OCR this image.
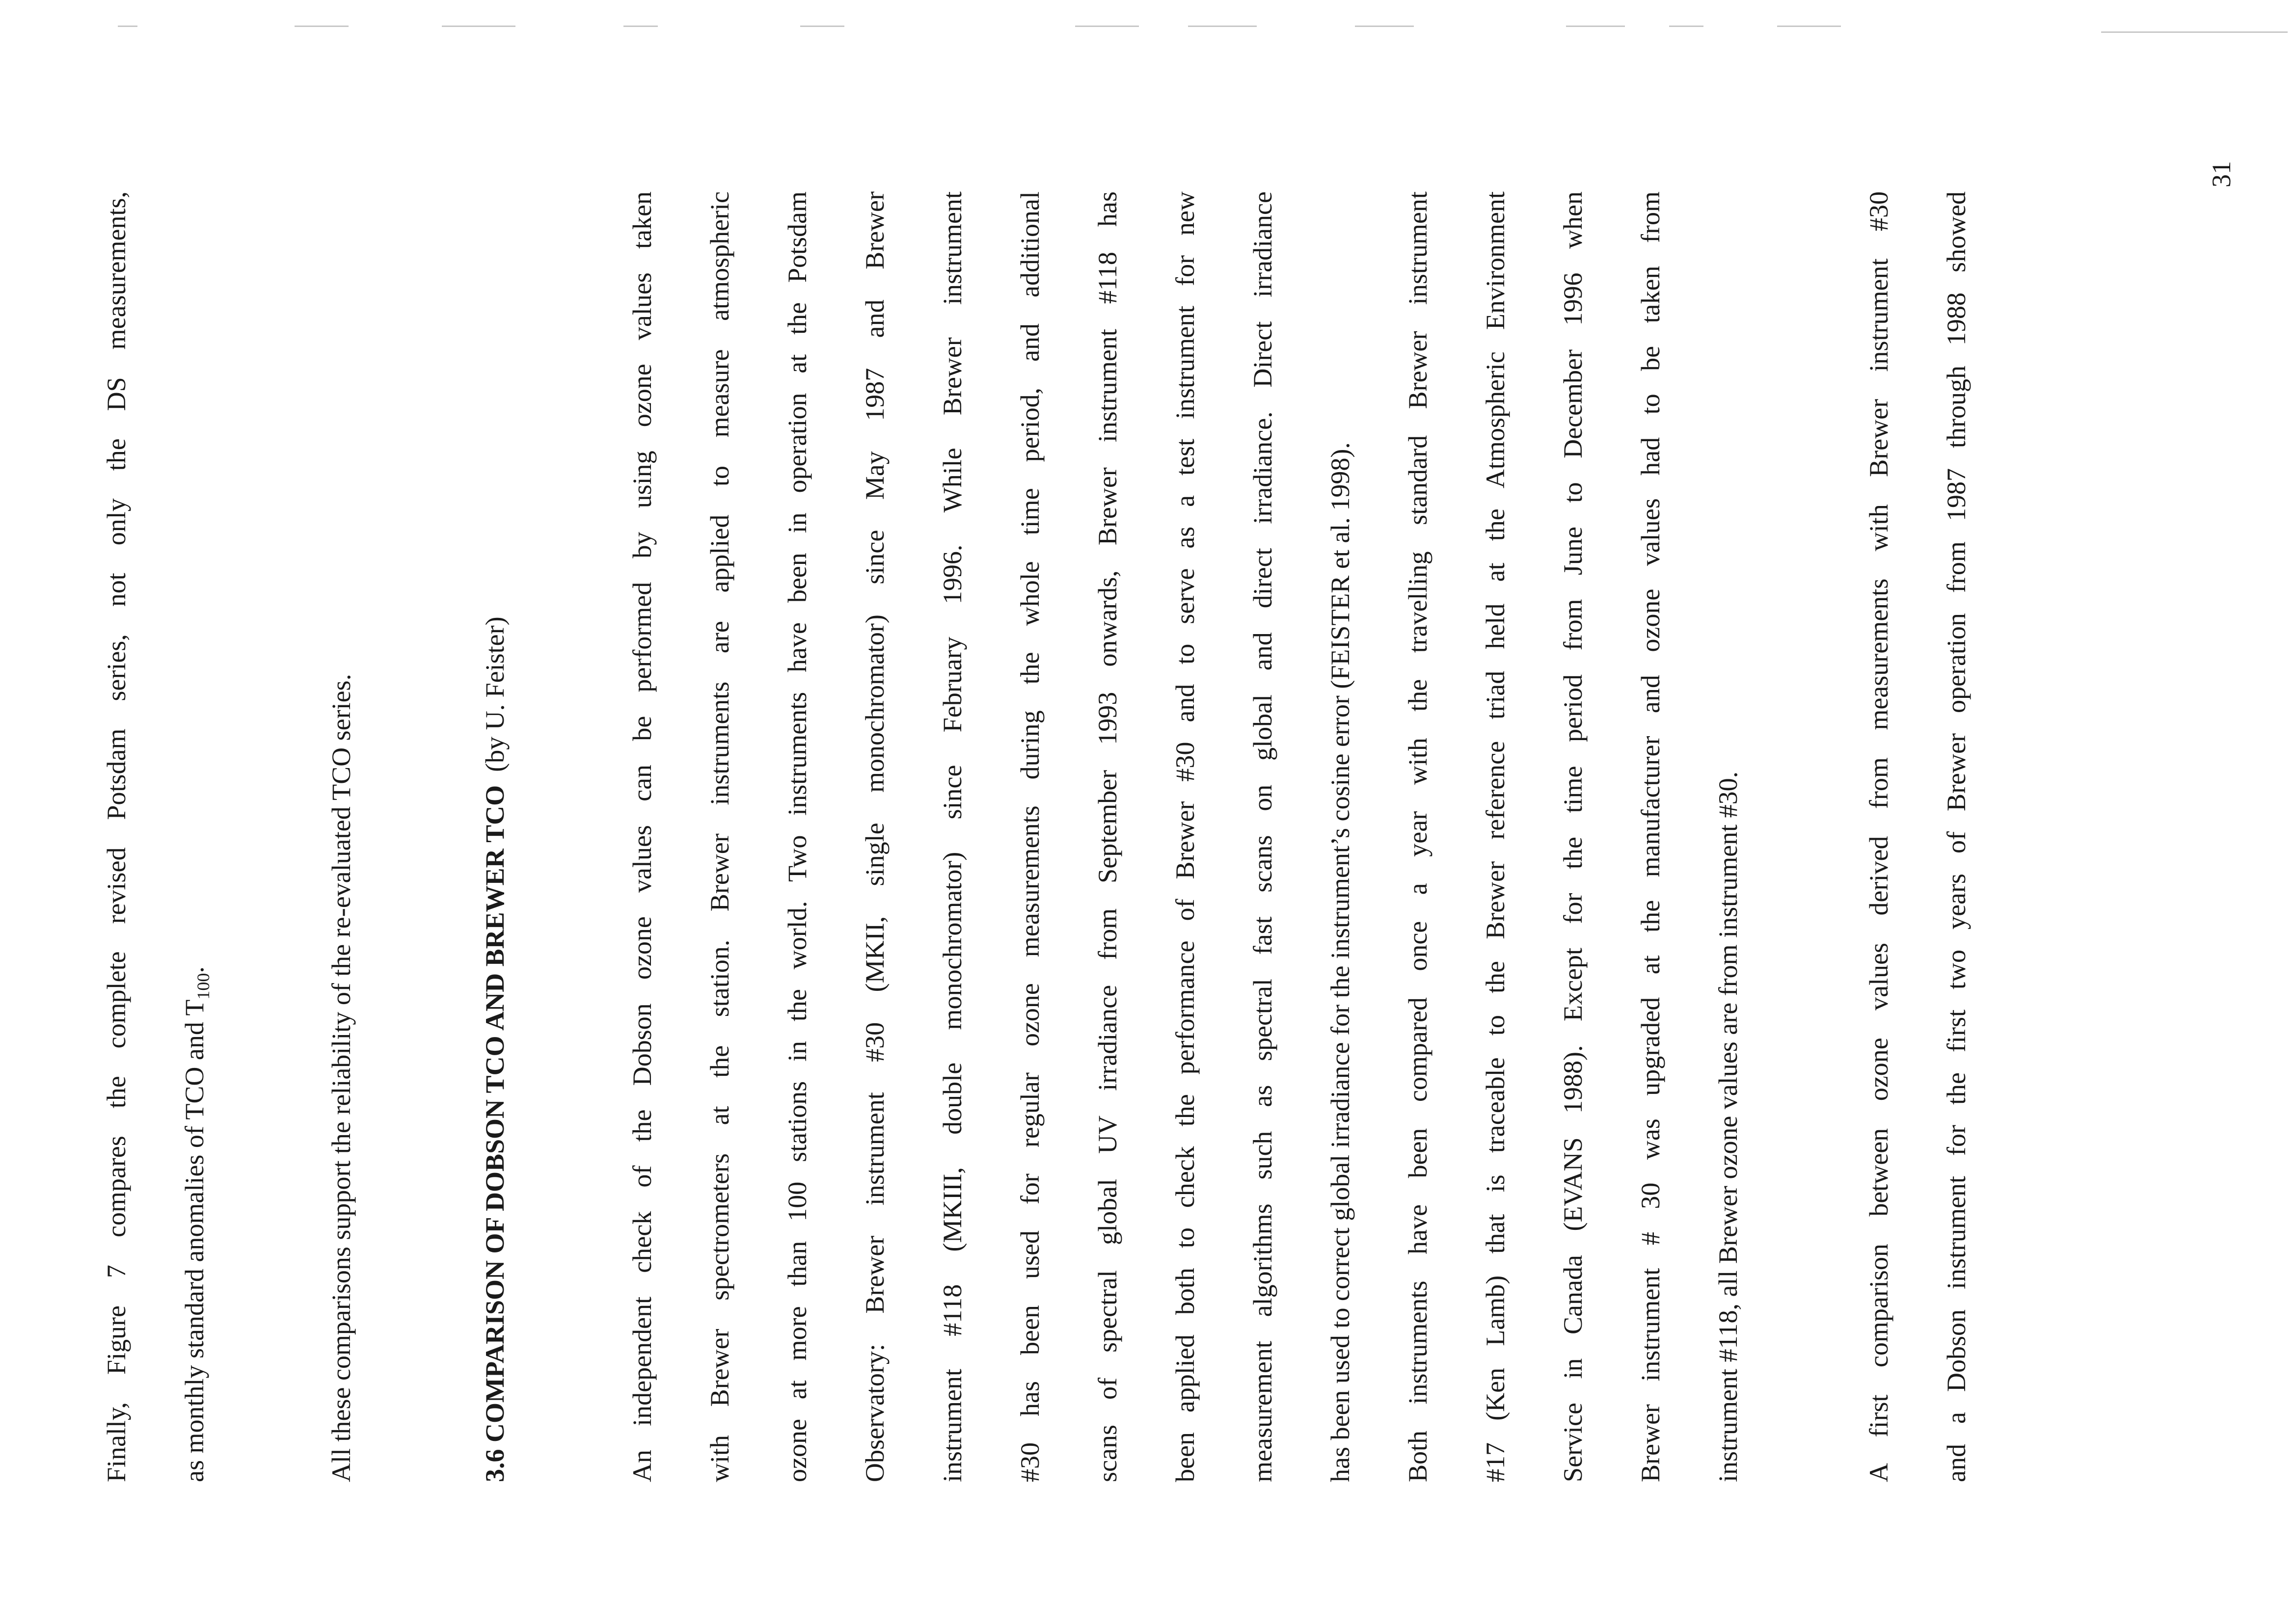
Finally, Figure 7 compares the complete revised Potsdam series, not only the DS measurements, as monthly standard anomalies of TCO and $T_{100}$.	All these comparisons support the reliability of the re-evaluated TCO series.	3.6 COMPARISON OF DOBSON TCO AND BREWER TCO  (by U. Feister)	An independent check of the Dobson ozone values can be performed by using ozone values taken with Brewer spectrometers at the station. Brewer instruments are applied to measure atmospheric ozone at more than 100 stations in the world. Two instruments have been in operation at the Potsdam Observatory: Brewer instrument #30 (MKII, single monochromator) since May 1987 and Brewer instrument #118 (MKIII, double monochromator) since February 1996. While Brewer instrument #30 has been used for regular ozone measurements during the whole time period, and additional scans of spectral global UV irradiance from September 1993 onwards, Brewer instrument #118 has been applied both to check the performance of Brewer #30 and to serve as a test instrument for new measurement algorithms such as spectral fast scans on global and direct irradiance. Direct irradiance has been used to correct global irradiance for the instrument’s cosine error (FEISTER et al. 1998). Both instruments have been compared once a year with the travelling standard Brewer instrument #17 (Ken Lamb) that is traceable to the Brewer reference triad held at the Atmospheric Environment Service in Canada (EVANS 1988). Except for the time period from June to December 1996 when Brewer instrument # 30 was upgraded at the manufacturer and ozone values had to be taken from instrument #118, all Brewer ozone values are from instrument #30.	A first comparison between ozone values derived from measurements with Brewer instrument #30 and a Dobson instrument for the first two years of Brewer operation from 1987 through 1988 showed
31
